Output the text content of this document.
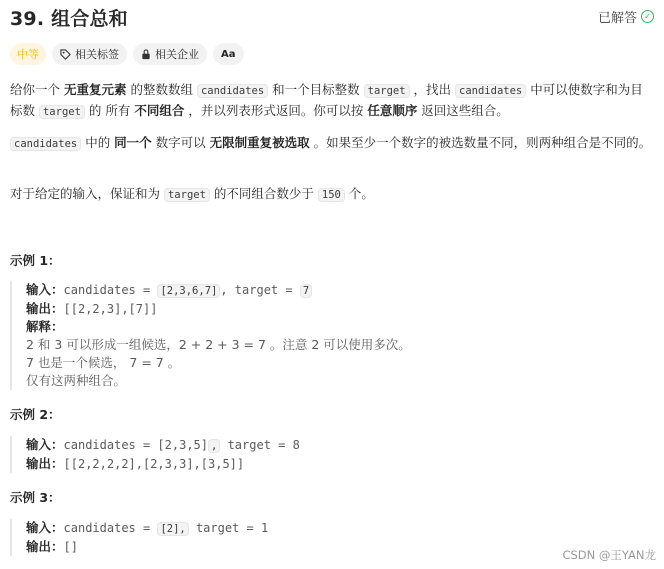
39. 组合总和	已解答 ✓
中等	相关标签	相关企业 Aa
给你一个 无重复元素 的整数数组 candidates 和一个目标整数 target ，找出 candidates 中可以使数字和为目标数 target 的 所有 不同组合 ，并以列表形式返回。你可以按 任意顺序 返回这些组合。
candidates 中的 同一个 数字可以 无限制重复被选取 。如果至少一个数字的被选数量不同，则两种组合是不同的。
对于给定的输入，保证和为 target 的不同组合数少于 150 个。
示例 1：
输入：candidates = [2,3,6,7] , target = 7
输出：[[2,2,3],[7]]
解释：
2 和 3 可以形成一组候选，2 + 2 + 3 = 7 。注意 2 可以使用多次。
7 也是一个候选， 7 = 7 。
仅有这两种组合。
示例 2：
输入：candidates = [2,3,5] , target = 8
输出：[[2,2,2,2],[2,3,3],[3,5]]
示例 3：
输入：candidates = [2], target = 1
输出：[]
CSDN @王YAN龙
